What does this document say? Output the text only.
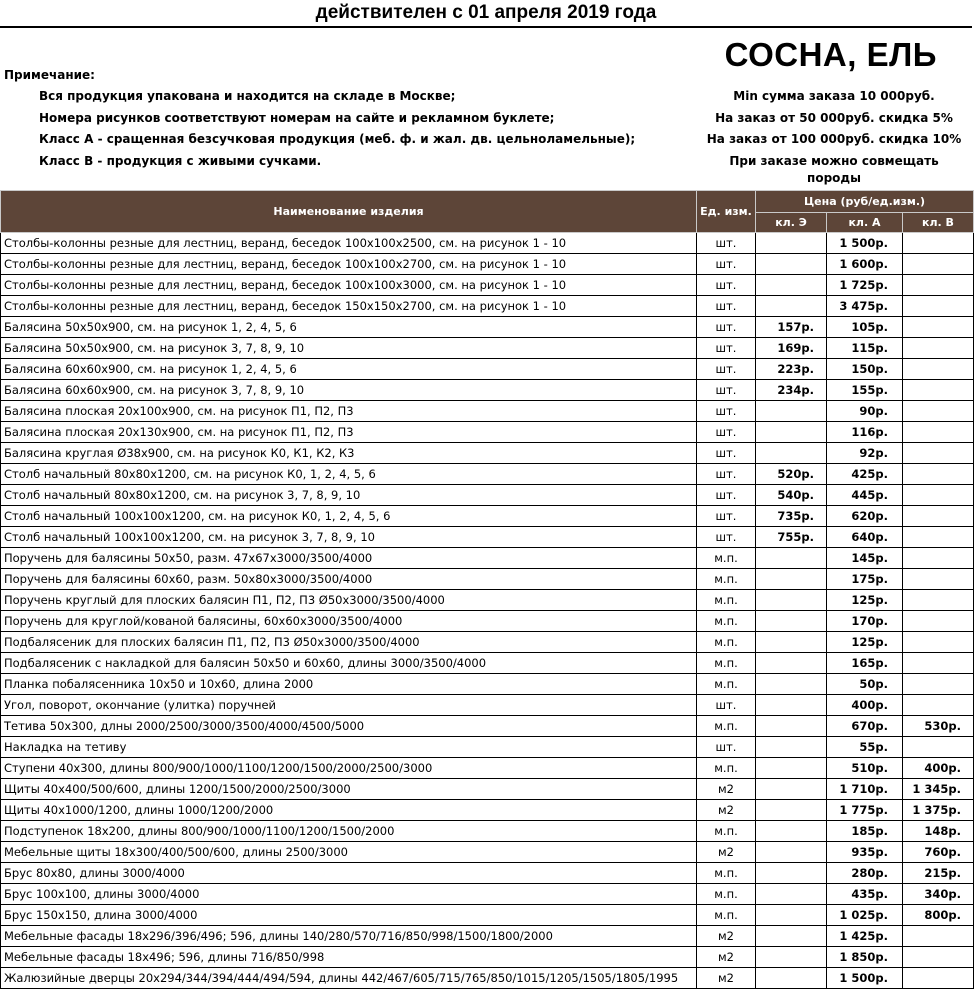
действителен с 01 апреля 2019 года
СОСНА, ЕЛЬ
Примечание:
Вся продукция упакована и находится на складе в Москве;
Номера рисунков соответствуют номерам на сайте и рекламном буклете;
Класс А - сращенная безсучковая продукция (меб. ф. и жал. дв. цельноламельные);
Класс В - продукция с живыми сучками.
Min сумма заказа 10 000руб.
На заказ от 50 000руб. скидка 5%
На заказ от 100 000руб. скидка 10%
При заказе можно совмещать породы
Наименование изделия	Ед. изм.	Цена (руб/ед.изм.)		
		кл. Э	кл. А	кл. В
Столбы-колонны резные для лестниц, веранд, беседок 100х100х2500, см. на рисунок 1 - 10	шт.		1 500р.	
Столбы-колонны резные для лестниц, веранд, беседок 100х100х2700, см. на рисунок 1 - 10	шт.		1 600р.	
Столбы-колонны резные для лестниц, веранд, беседок 100х100х3000, см. на рисунок 1 - 10	шт.		1 725р.	
Столбы-колонны резные для лестниц, веранд, беседок 150х150х2700, см. на рисунок 1 - 10	шт.		3 475р.	
Балясина 50х50х900, см. на рисунок 1, 2, 4, 5, 6	шт.	157р.	105р.	
Балясина 50х50х900, см. на рисунок 3, 7, 8, 9, 10	шт.	169р.	115р.	
Балясина 60х60х900, см. на рисунок 1, 2, 4, 5, 6	шт.	223р.	150р.	
Балясина 60х60х900, см. на рисунок 3, 7, 8, 9, 10	шт.	234р.	155р.	
Балясина плоская 20х100х900, см. на рисунок П1, П2, П3	шт.		90р.	
Балясина плоская 20х130х900, см. на рисунок П1, П2, П3	шт.		116р.	
Балясина круглая Ø38х900, см. на рисунок К0, К1, К2, К3	шт.		92р.	
Столб начальный 80х80х1200, см. на рисунок К0, 1, 2, 4, 5, 6	шт.	520р.	425р.	
Столб начальный 80х80х1200, см. на рисунок 3, 7, 8, 9, 10	шт.	540р.	445р.	
Столб начальный 100х100х1200, см. на рисунок К0, 1, 2, 4, 5, 6	шт.	735р.	620р.	
Столб начальный 100х100х1200, см. на рисунок 3, 7, 8, 9, 10	шт.	755р.	640р.	
Поручень для балясины 50х50, разм. 47х67х3000/3500/4000	м.п.		145р.	
Поручень для балясины 60х60, разм. 50х80х3000/3500/4000	м.п.		175р.	
Поручень круглый для плоских балясин П1, П2, П3 Ø50х3000/3500/4000	м.п.		125р.	
Поручень для круглой/кованой балясины, 60х60х3000/3500/4000	м.п.		170р.	
Подбалясеник для плоских балясин П1, П2, П3 Ø50х3000/3500/4000	м.п.		125р.	
Подбалясеник с накладкой для балясин 50х50 и 60х60, длины 3000/3500/4000	м.п.		165р.	
Планка побалясенника 10х50 и 10х60, длина 2000	м.п.		50р.	
Угол, поворот, окончание (улитка) поручней	шт.		400р.	
Тетива 50х300, длны 2000/2500/3000/3500/4000/4500/5000	м.п.		670р.	530р.
Накладка на тетиву	шт.		55р.	
Ступени 40х300, длины 800/900/1000/1100/1200/1500/2000/2500/3000	м.п.		510р.	400р.
Щиты 40х400/500/600, длины 1200/1500/2000/2500/3000	м2		1 710р.	1 345р.
Щиты 40х1000/1200, длины 1000/1200/2000	м2		1 775р.	1 375р.
Подступенок 18х200, длины 800/900/1000/1100/1200/1500/2000	м.п.		185р.	148р.
Мебельные щиты 18х300/400/500/600, длины 2500/3000	м2		935р.	760р.
Брус 80х80, длины 3000/4000	м.п.		280р.	215р.
Брус 100х100, длины 3000/4000	м.п.		435р.	340р.
Брус 150х150, длина 3000/4000	м.п.		1 025р.	800р.
Мебельные фасады 18х296/396/496; 596, длины 140/280/570/716/850/998/1500/1800/2000	м2		1 425р.	
Мебельные фасады 18х496; 596, длины 716/850/998	м2		1 850р.	
Жалюзийные дверцы 20х294/344/394/444/494/594, длины 442/467/605/715/765/850/1015/1205/1505/1805/1995	м2		1 500р.	
